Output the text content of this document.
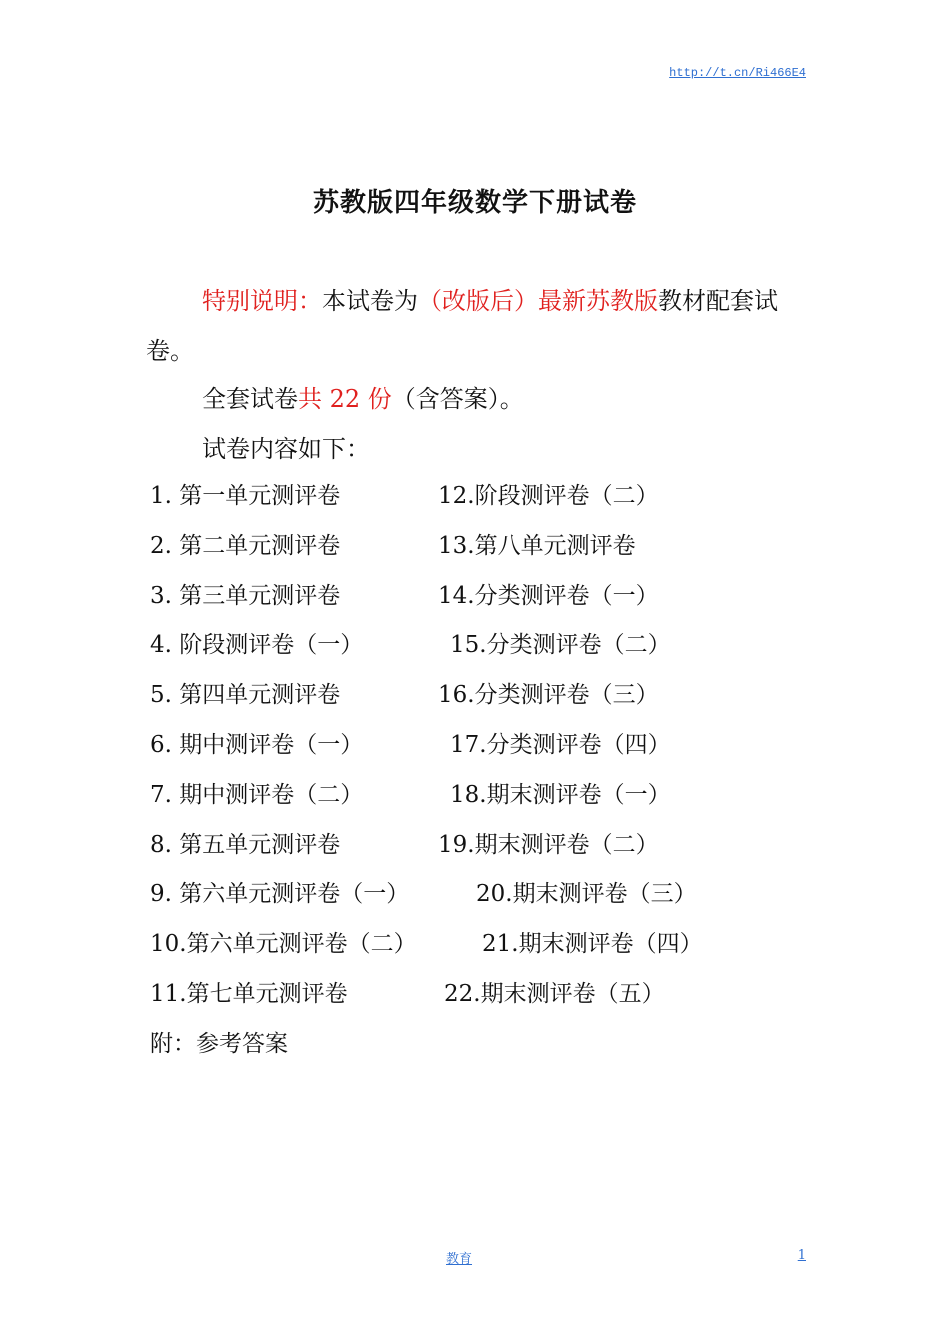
http://t.cn/Ri466E4
苏教版四年级数学下册试卷
特别说明：本试卷为（改版后）最新苏教版教材配套试卷。
全套试卷共 22 份（含答案）。
试卷内容如下：
1. 第一单元测评卷	12.阶段测评卷（二）
2. 第二单元测评卷	13.第八单元测评卷
3. 第三单元测评卷	14.分类测评卷（一）
4. 阶段测评卷（一）	15.分类测评卷（二）
5. 第四单元测评卷	16.分类测评卷（三）
6. 期中测评卷（一）	17.分类测评卷（四）
7. 期中测评卷（二）	18.期末测评卷（一）
8. 第五单元测评卷	19.期末测评卷（二）
9. 第六单元测评卷（一）	20.期末测评卷（三）
10.第六单元测评卷（二）	21.期末测评卷（四）
11.第七单元测评卷	22.期末测评卷（五）
附：参考答案
教育	1
